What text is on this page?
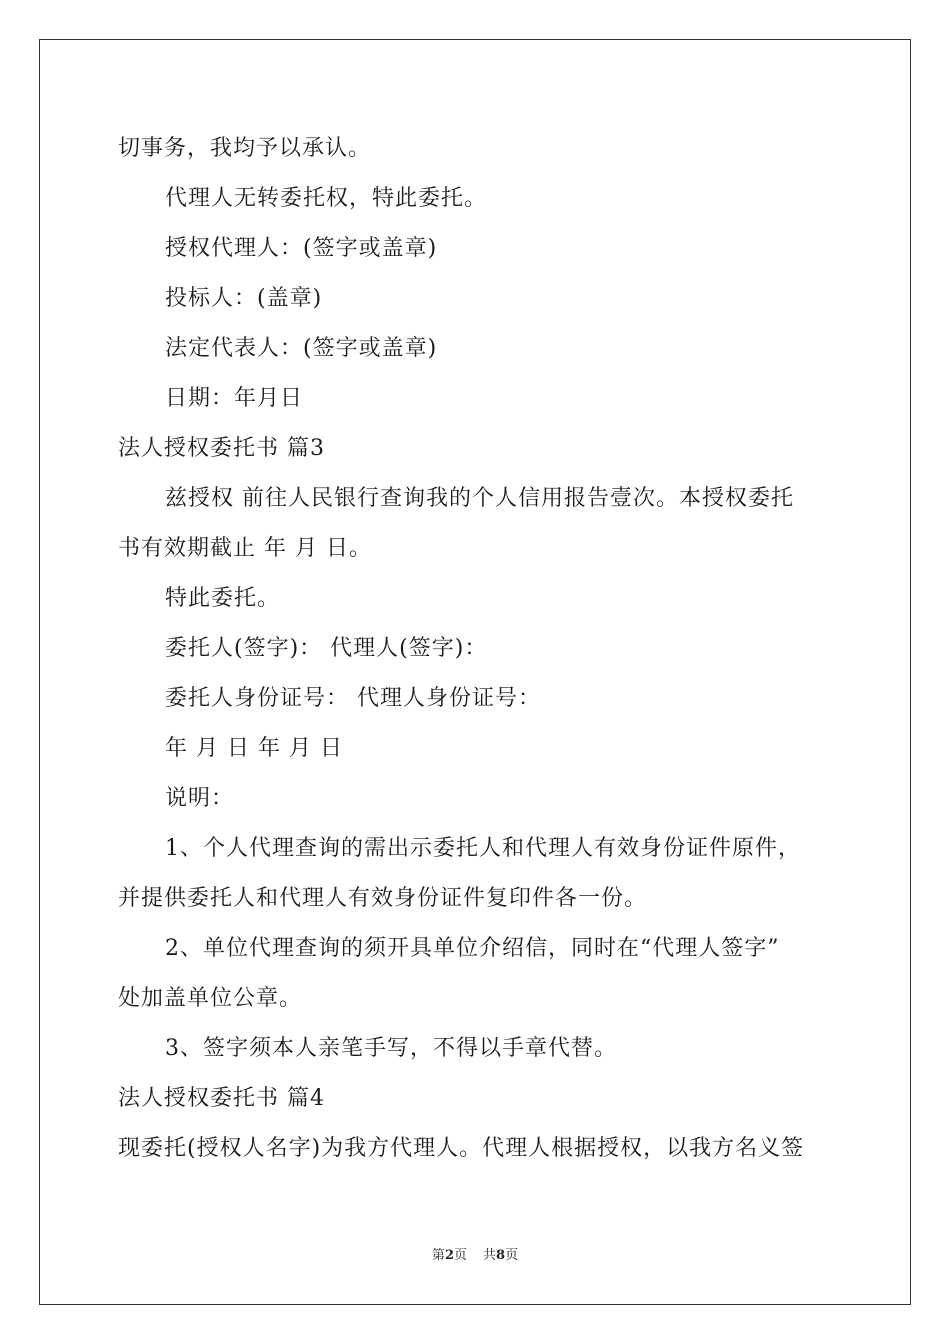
切事务，我均予以承认。
代理人无转委托权，特此委托。
授权代理人：(签字或盖章)
投标人：(盖章)
法定代表人：(签字或盖章)
日期：年月日
法人授权委托书 篇3
兹授权 前往人民银行查询我的个人信用报告壹次。本授权委托
书有效期截止 年 月 日。
特此委托。
委托人(签字)： 代理人(签字)：
委托人身份证号： 代理人身份证号：
年 月 日 年 月 日
说明：
1、个人代理查询的需出示委托人和代理人有效身份证件原件，
并提供委托人和代理人有效身份证件复印件各一份。
2、单位代理查询的须开具单位介绍信，同时在“代理人签字”
处加盖单位公章。
3、签字须本人亲笔手写，不得以手章代替。
法人授权委托书 篇4
现委托(授权人名字)为我方代理人。代理人根据授权，以我方名义签
第2页 共8页
